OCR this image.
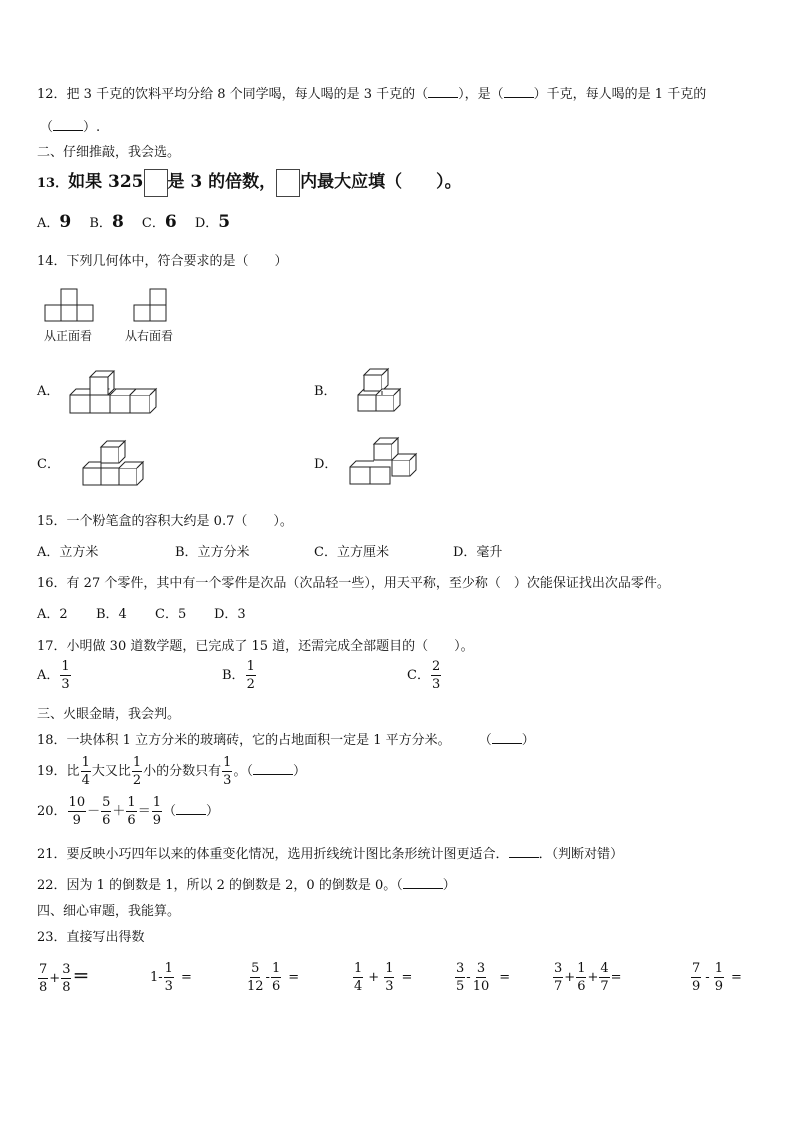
12．把 3 千克的饮料平均分给 8 个同学喝，每人喝的是 3 千克的（ ），是（ ）千克，每人喝的是 1 千克的
（ ）.
二、仔细推敲，我会选。
13．如果 325 是 3 的倍数， 内最大应填（　　）。
A．9 B．8 C．6 D．5
14．下列几何体中，符合要求的是（　　）
从正面看	从右面看
A．	B．
C．	D．
15．一个粉笔盒的容积大约是 0.7（　　）。
A．立方米	B．立方分米	C．立方厘米	D．毫升
16．有 27 个零件，其中有一个零件是次品（次品轻一些），用天平称，至少称（　）次能保证找出次品零件。
A．2 B．4 C．5 D．3
17．小明做 30 道数学题，已完成了 15 道，还需完成全部题目的（　　）。
A． $\frac{1}{3}$	B． $\frac{1}{2}$	C． $\frac{2}{3}$
三、火眼金睛，我会判。
18．一块体积 1 立方分米的玻璃砖，它的占地面积一定是 1 平方分米。 （ ）
19．比 $\frac{1}{4}$ 大又比 $\frac{1}{2}$ 小的分数只有 $\frac{1}{3}$ 。（	）
20． $\frac{10}{9} - \frac{5}{6} + \frac{1}{6} = \frac{1}{9}$ （ ）
21．要反映小巧四年以来的体重变化情况，选用折线统计图比条形统计图更适合． ．（判断对错）
22．因为 1 的倒数是 1，所以 2 的倒数是 2，0 的倒数是 0。（	）
四、细心审题，我能算。
23．直接写出得数
$\frac{7}{8} + \frac{3}{8}$ ＝	$1- \frac{1}{3}$ =	$\frac{5}{12} - \frac{1}{6}$ =	$\frac{1}{4} + \frac{1}{3}$ =	$\frac{3}{5} - \frac{3}{10}$ =	$\frac{3}{7} + \frac{1}{6} + \frac{4}{7}$ =	$\frac{7}{9} - \frac{1}{9}$ =
